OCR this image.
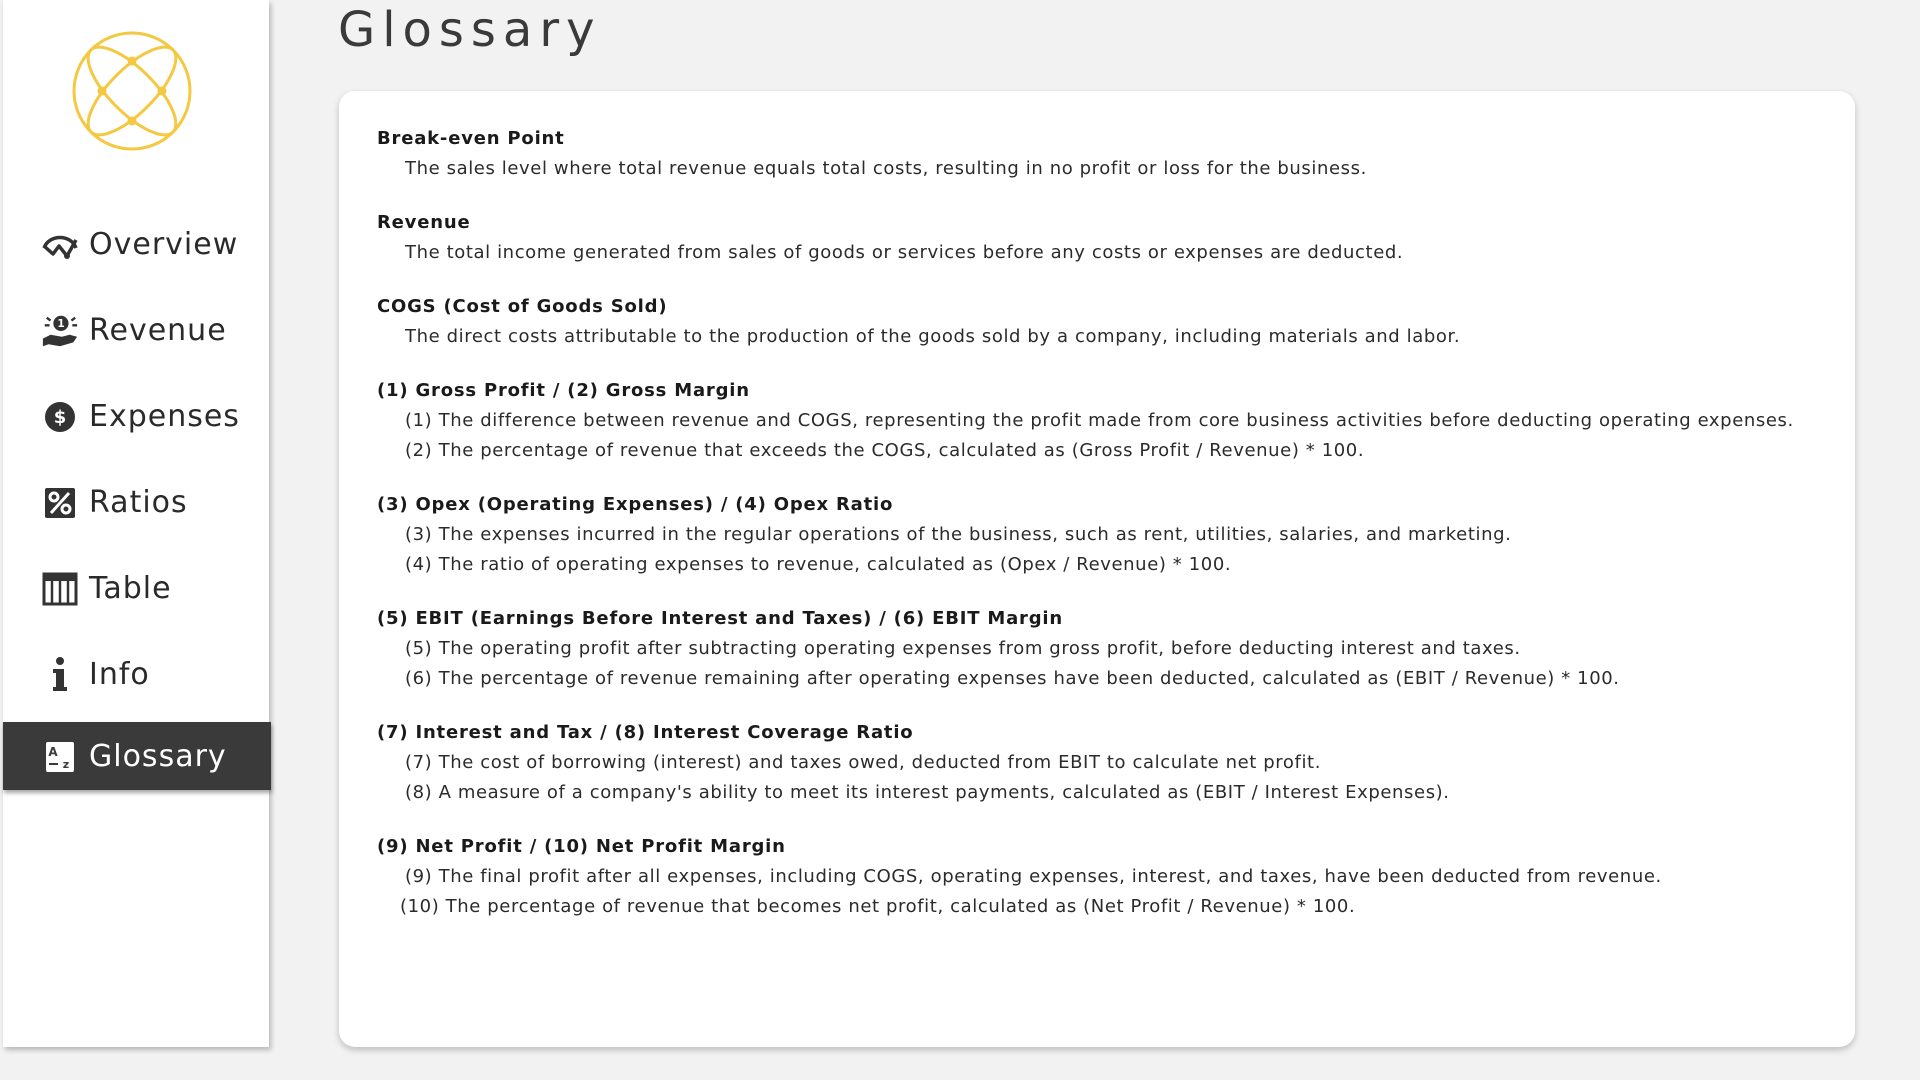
Overview
1 Revenue
$ Expenses
Ratios
Table
Info
A
z Glossary
Glossary
Break-even Point
The sales level where total revenue equals total costs, resulting in no profit or loss for the business.
Revenue
The total income generated from sales of goods or services before any costs or expenses are deducted.
COGS (Cost of Goods Sold)
The direct costs attributable to the production of the goods sold by a company, including materials and labor.
(1) Gross Profit / (2) Gross Margin
(1) The difference between revenue and COGS, representing the profit made from core business activities before deducting operating expenses.
(2) The percentage of revenue that exceeds the COGS, calculated as (Gross Profit / Revenue) * 100.
(3) Opex (Operating Expenses) / (4) Opex Ratio
(3) The expenses incurred in the regular operations of the business, such as rent, utilities, salaries, and marketing.
(4) The ratio of operating expenses to revenue, calculated as (Opex / Revenue) * 100.
(5) EBIT (Earnings Before Interest and Taxes) / (6) EBIT Margin
(5) The operating profit after subtracting operating expenses from gross profit, before deducting interest and taxes.
(6) The percentage of revenue remaining after operating expenses have been deducted, calculated as (EBIT / Revenue) * 100.
(7) Interest and Tax / (8) Interest Coverage Ratio
(7) The cost of borrowing (interest) and taxes owed, deducted from EBIT to calculate net profit.
(8) A measure of a company's ability to meet its interest payments, calculated as (EBIT / Interest Expenses).
(9) Net Profit / (10) Net Profit Margin
(9) The final profit after all expenses, including COGS, operating expenses, interest, and taxes, have been deducted from revenue.
(10) The percentage of revenue that becomes net profit, calculated as (Net Profit / Revenue) * 100.
